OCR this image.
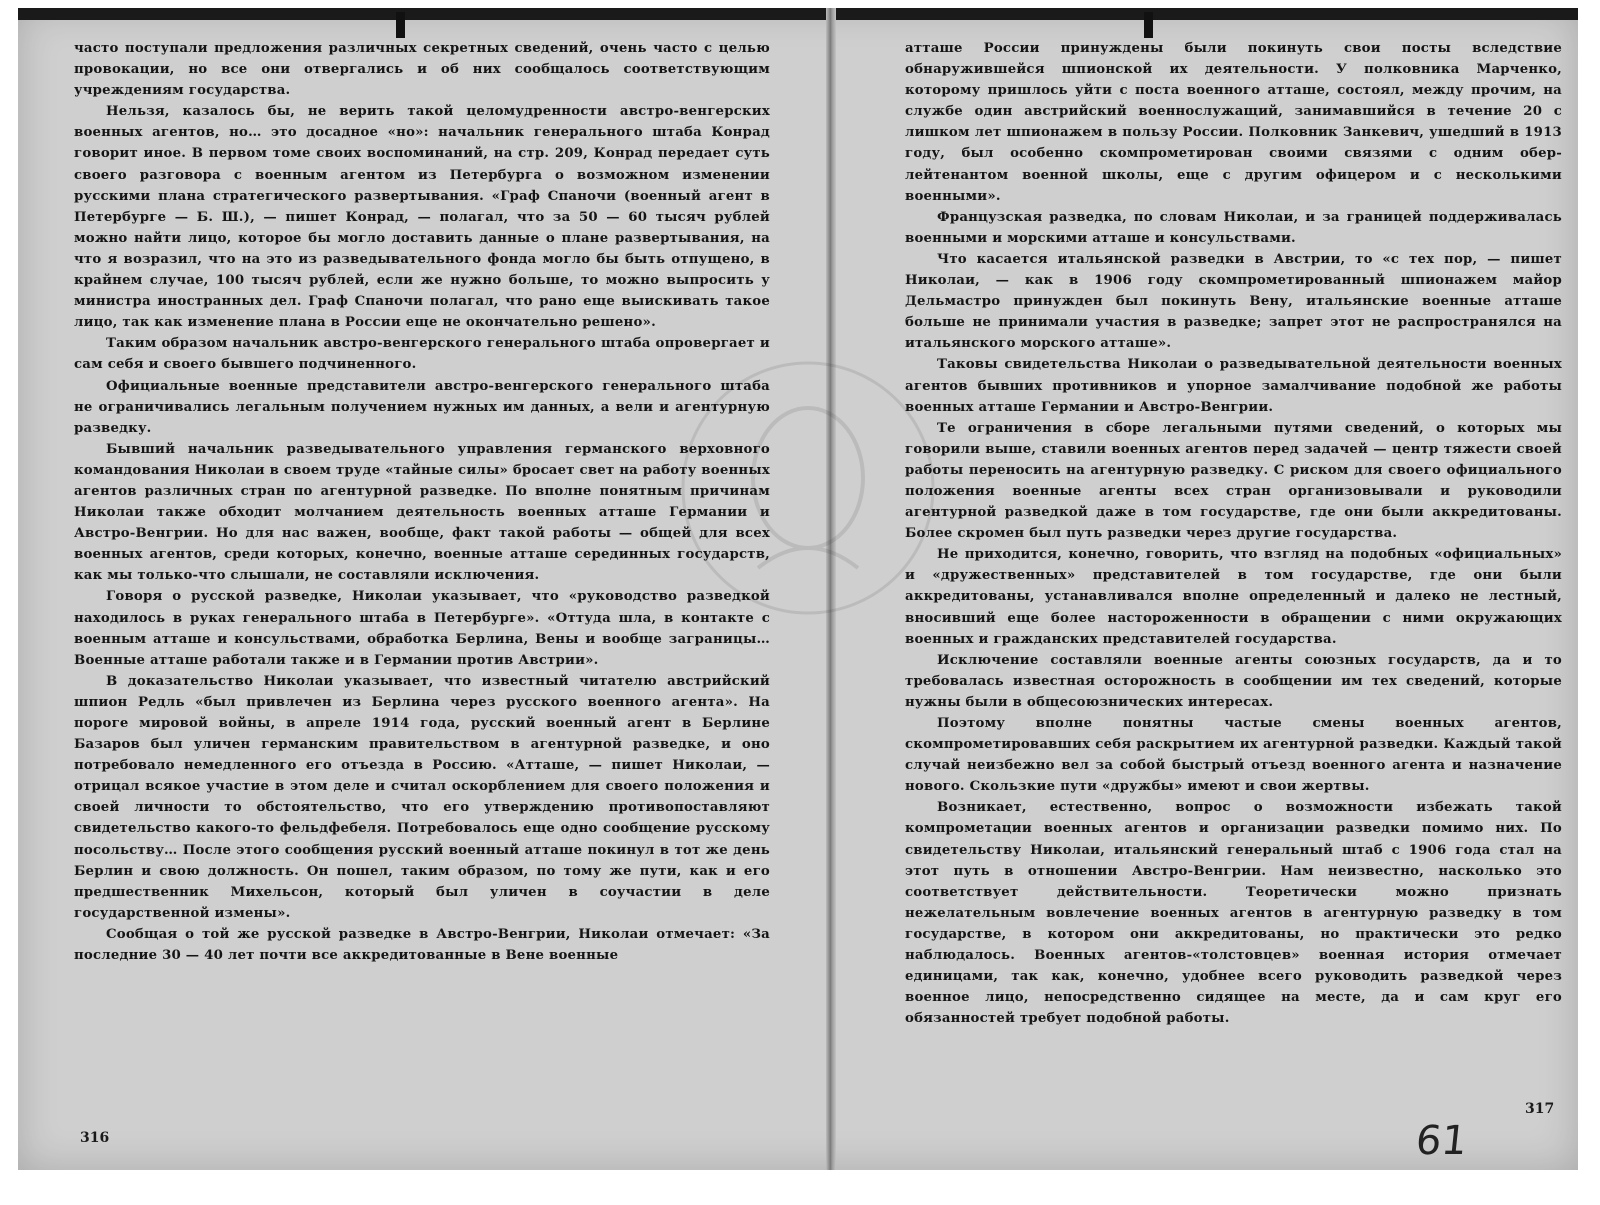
часто поступали предложения различных секретных сведений, очень часто с целью провокации, но все они отвергались и об них сообщалось соответствующим учреждениям государства.

Нельзя, казалось бы, не верить такой целомудренности австро-венгерских военных агентов, но… это досадное «но»: начальник генерального штаба Конрад говорит иное. В первом томе своих воспоминаний, на стр. 209, Конрад передает суть своего разговора с военным агентом из Петербурга о возможном изменении русскими плана стратегического развертывания. «Граф Спаночи (военный агент в Петербурге — Б. Ш.), — пишет Конрад, — полагал, что за 50 — 60 тысяч рублей можно найти лицо, которое бы могло доставить данные о плане развертывания, на что я возразил, что на это из разведывательного фонда могло бы быть отпущено, в крайнем случае, 100 тысяч рублей, если же нужно больше, то можно выпросить у министра иностранных дел. Граф Спаночи полагал, что рано еще выискивать такое лицо, так как изменение плана в России еще не окончательно решено».

Таким образом начальник австро-венгерского генерального штаба опровергает и сам себя и своего бывшего подчиненного.

Официальные военные представители австро-венгерского генерального штаба не ограничивались легальным получением нужных им данных, а вели и агентурную разведку.

Бывший начальник разведывательного управления германского верховного командования Николаи в своем труде «тайные силы» бросает свет на работу военных агентов различных стран по агентурной разведке. По вполне понятным причинам Николаи также обходит молчанием деятельность военных атташе Германии и Австро-Венгрии. Но для нас важен, вообще, факт такой работы — общей для всех военных агентов, среди которых, конечно, военные атташе серединных государств, как мы только-что слышали, не составляли исключения.

Говоря о русской разведке, Николаи указывает, что «руководство разведкой находилось в руках генерального штаба в Петербурге». «Оттуда шла, в контакте с военным атташе и консульствами, обработка Берлина, Вены и вообще заграницы… Военные атташе работали также и в Германии против Австрии».

В доказательство Николаи указывает, что известный читателю австрийский шпион Редль «был привлечен из Берлина через русского военного агента». На пороге мировой войны, в апреле 1914 года, русский военный агент в Берлине Базаров был уличен германским правительством в агентурной разведке, и оно потребовало немедленного его отъезда в Россию. «Атташе, — пишет Николаи, — отрицал всякое участие в этом деле и считал оскорблением для своего положения и своей личности то обстоятельство, что его утверждению противопоставляют свидетельство какого-то фельдфебеля. Потребовалось еще одно сообщение русскому посольству… После этого сообщения русский военный атташе покинул в тот же день Берлин и свою должность. Он пошел, таким образом, по тому же пути, как и его предшественник Михельсон, который был уличен в соучастии в деле государственной измены».

Сообщая о той же русской разведке в Австро-Венгрии, Николаи отмечает: «За последние 30 — 40 лет почти все аккредитованные в Вене военные

атташе России принуждены были покинуть свои посты вследствие обнаружившейся шпионской их деятельности. У полковника Марченко, которому пришлось уйти с поста военного атташе, состоял, между прочим, на службе один австрийский военнослужащий, занимавшийся в течение 20 с лишком лет шпионажем в пользу России. Полковник Занкевич, ушедший в 1913 году, был особенно скомпрометирован своими связями с одним обер-лейтенантом военной школы, еще с другим офицером и с несколькими военными».

Французская разведка, по словам Николаи, и за границей поддерживалась военными и морскими атташе и консульствами.

Что касается итальянской разведки в Австрии, то «с тех пор, — пишет Николаи, — как в 1906 году скомпрометированный шпионажем майор Дельмастро принужден был покинуть Вену, итальянские военные атташе больше не принимали участия в разведке; запрет этот не распространялся на итальянского морского атташе».

Таковы свидетельства Николаи о разведывательной деятельности военных агентов бывших противников и упорное замалчивание подобной же работы военных атташе Германии и Австро-Венгрии.

Те ограничения в сборе легальными путями сведений, о которых мы говорили выше, ставили военных агентов перед задачей — центр тяжести своей работы переносить на агентурную разведку. С риском для своего официального положения военные агенты всех стран организовывали и руководили агентурной разведкой даже в том государстве, где они были аккредитованы. Более скромен был путь разведки через другие государства.

Не приходится, конечно, говорить, что взгляд на подобных «официальных» и «дружественных» представителей в том государстве, где они были аккредитованы, устанавливался вполне определенный и далеко не лестный, вносивший еще более настороженности в обращении с ними окружающих военных и гражданских представителей государства.

Исключение составляли военные агенты союзных государств, да и то требовалась известная осторожность в сообщении им тех сведений, которые нужны были в общесоюзнических интересах.

Поэтому вполне понятны частые смены военных агентов, скомпрометировавших себя раскрытием их агентурной разведки. Каждый такой случай неизбежно вел за собой быстрый отъезд военного агента и назначение нового. Скользкие пути «дружбы» имеют и свои жертвы.

Возникает, естественно, вопрос о возможности избежать такой компрометации военных агентов и организации разведки помимо них. По свидетельству Николаи, итальянский генеральный штаб с 1906 года стал на этот путь в отношении Австро-Венгрии. Нам неизвестно, насколько это соответствует действительности. Теоретически можно признать нежелательным вовлечение военных агентов в агентурную разведку в том государстве, в котором они аккредитованы, но практически это редко наблюдалось. Военных агентов-«толстовцев» военная история отмечает единицами, так как, конечно, удобнее всего руководить разведкой через военное лицо, непосредственно сидящее на месте, да и сам круг его обязанностей требует подобной работы.

316
317
61
